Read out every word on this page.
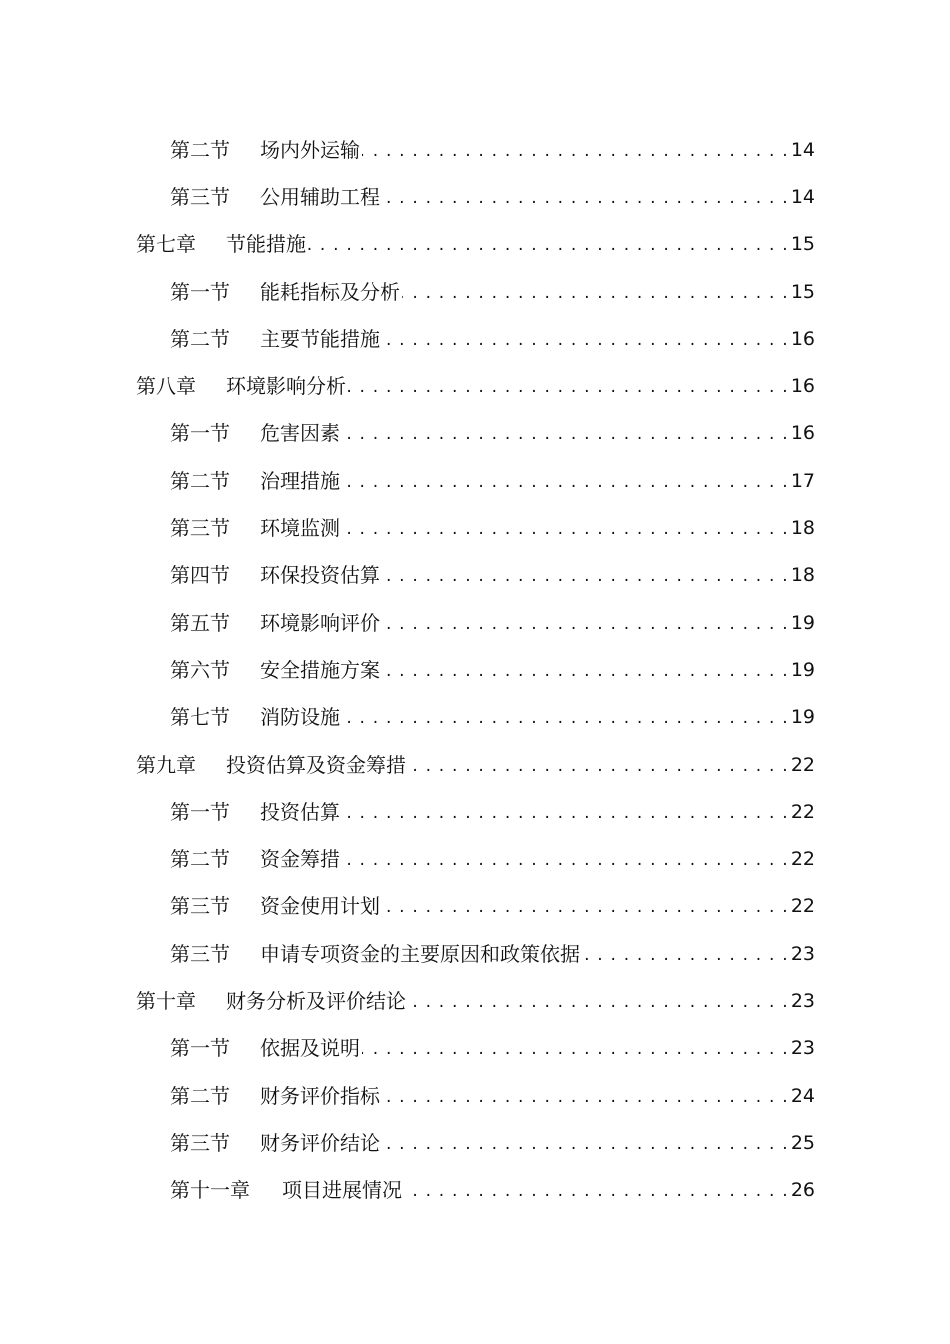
第二节	场内外运输 . . .	14
第三节	公用辅助工程 . . .	14
第七章	节能措施 . . .	15
第一节	能耗指标及分析 . . .	15
第二节	主要节能措施 . . .	16
第八章	环境影响分析 . . .	16
第一节	危害因素 . . .	16
第二节	治理措施 . . .	17
第三节	环境监测 . . .	18
第四节	环保投资估算 . . .	18
第五节	环境影响评价 . . .	19
第六节	安全措施方案 . . .	19
第七节	消防设施 . . .	19
第九章	投资估算及资金筹措 . . .	22
第一节	投资估算 . . .	22
第二节	资金筹措 . . .	22
第三节	资金使用计划 . . .	22
第三节	申请专项资金的主要原因和政策依据 . . .	23
第十章	财务分析及评价结论 . . .	23
第一节	依据及说明 . . .	23
第二节	财务评价指标 . . .	24
第三节	财务评价结论 . . .	25
第十一章	项目进展情况 . . .	26
